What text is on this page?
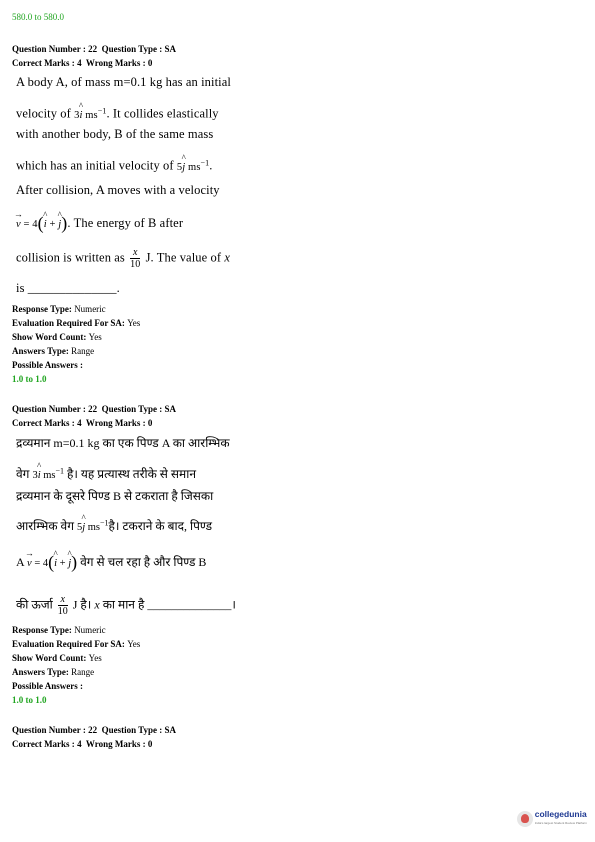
580.0 to 580.0
Question Number : 22 Question Type : SA
Correct Marks : 4 Wrong Marks : 0
A body A, of mass m=0.1 kg has an initial
velocity of 3^ i $ms^{-1}$. It collides elastically
with another body, B of the same mass
which has an initial velocity of 5^ j $ms^{-1}$.
After collision, A moves with a velocity
→ v = 4(^ i + ^ j). The energy of B after
collision is written as $\frac{x}{10} J$. The value of x
is ______________.
Response Type: Numeric
Evaluation Required For SA: Yes
Show Word Count: Yes
Answers Type: Range
Possible Answers :
1.0 to 1.0
Question Number : 22 Question Type : SA
Correct Marks : 4 Wrong Marks : 0
द्रव्यमान m=0.1 kg का एक पिण्ड A का आरम्भिक
वेग 3^ i $ms^{-1}$ है। यह प्रत्यास्थ तरीके से समान
द्रव्यमान के दूसरे पिण्ड B से टकराता है जिसका
आरम्भिक वेग 5^ j $ms^{-1}है।$ टकराने के बाद, पिण्ड
A → v = 4(^ i + ^ j) वेग से चल रहा है और पिण्ड B
की ऊर्जा $\frac{x}{10}$ J है। x का मान है ______________।
Response Type: Numeric
Evaluation Required For SA: Yes
Show Word Count: Yes
Answers Type: Range
Possible Answers :
1.0 to 1.0
Question Number : 22 Question Type : SA
Correct Marks : 4 Wrong Marks : 0
collegedunia
India's largest Student Review Platform
